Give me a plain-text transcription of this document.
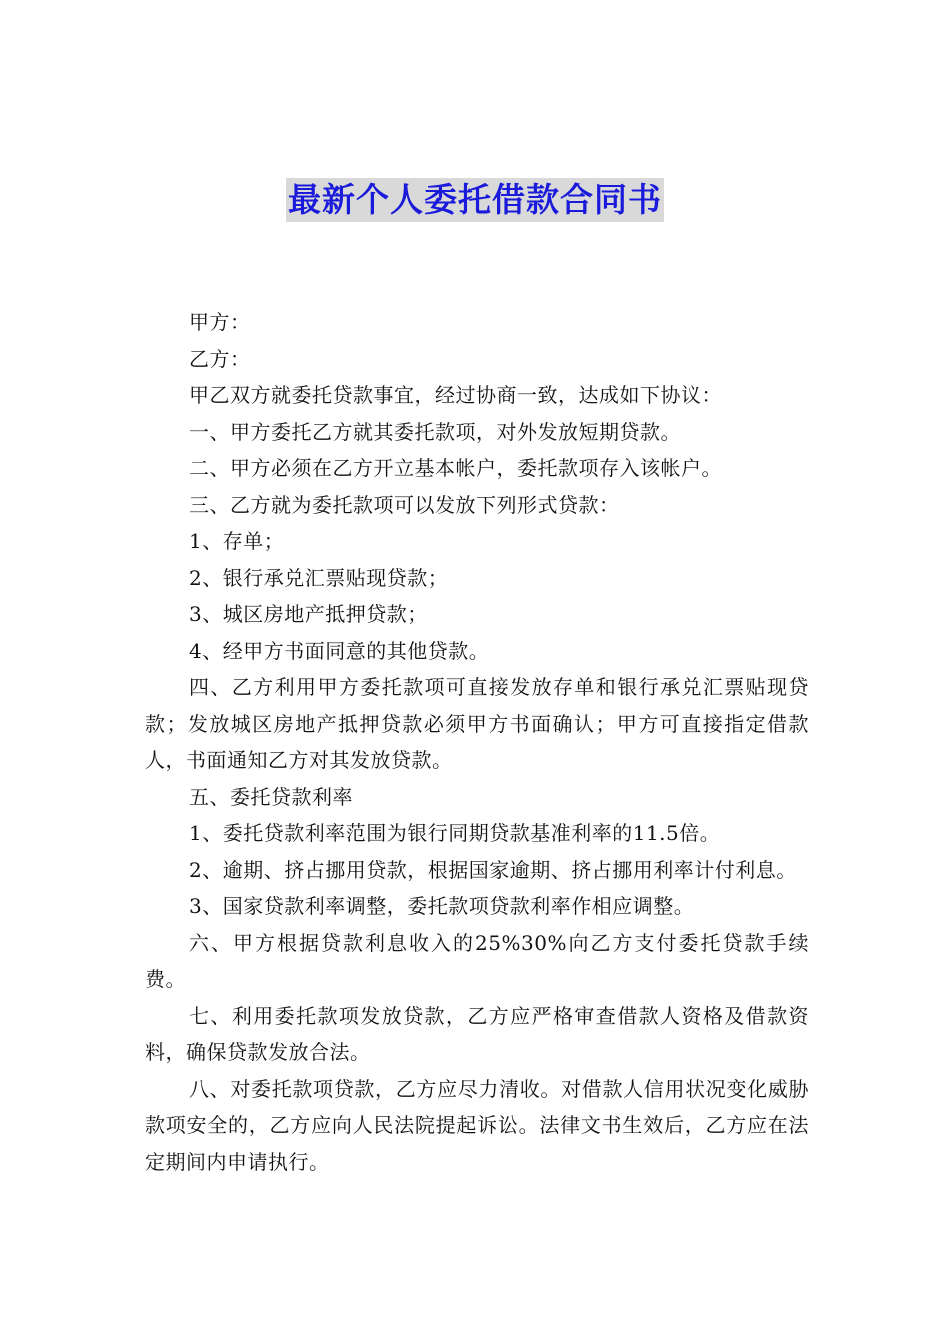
最新个人委托借款合同书

甲方：

乙方：

甲乙双方就委托贷款事宜，经过协商一致，达成如下协议：

一、甲方委托乙方就其委托款项，对外发放短期贷款。

二、甲方必须在乙方开立基本帐户，委托款项存入该帐户。

三、乙方就为委托款项可以发放下列形式贷款：

1、存单；

2、银行承兑汇票贴现贷款；

3、城区房地产抵押贷款；

4、经甲方书面同意的其他贷款。

四、乙方利用甲方委托款项可直接发放存单和银行承兑汇票贴现贷款；发放城区房地产抵押贷款必须甲方书面确认；甲方可直接指定借款人，书面通知乙方对其发放贷款。

五、委托贷款利率

1、委托贷款利率范围为银行同期贷款基准利率的11.5倍。

2、逾期、挤占挪用贷款，根据国家逾期、挤占挪用利率计付利息。

3、国家贷款利率调整，委托款项贷款利率作相应调整。

六、甲方根据贷款利息收入的25%30%向乙方支付委托贷款手续费。

七、利用委托款项发放贷款，乙方应严格审查借款人资格及借款资料，确保贷款发放合法。

八、对委托款项贷款，乙方应尽力清收。对借款人信用状况变化威胁款项安全的，乙方应向人民法院提起诉讼。法律文书生效后，乙方应在法定期间内申请执行。
